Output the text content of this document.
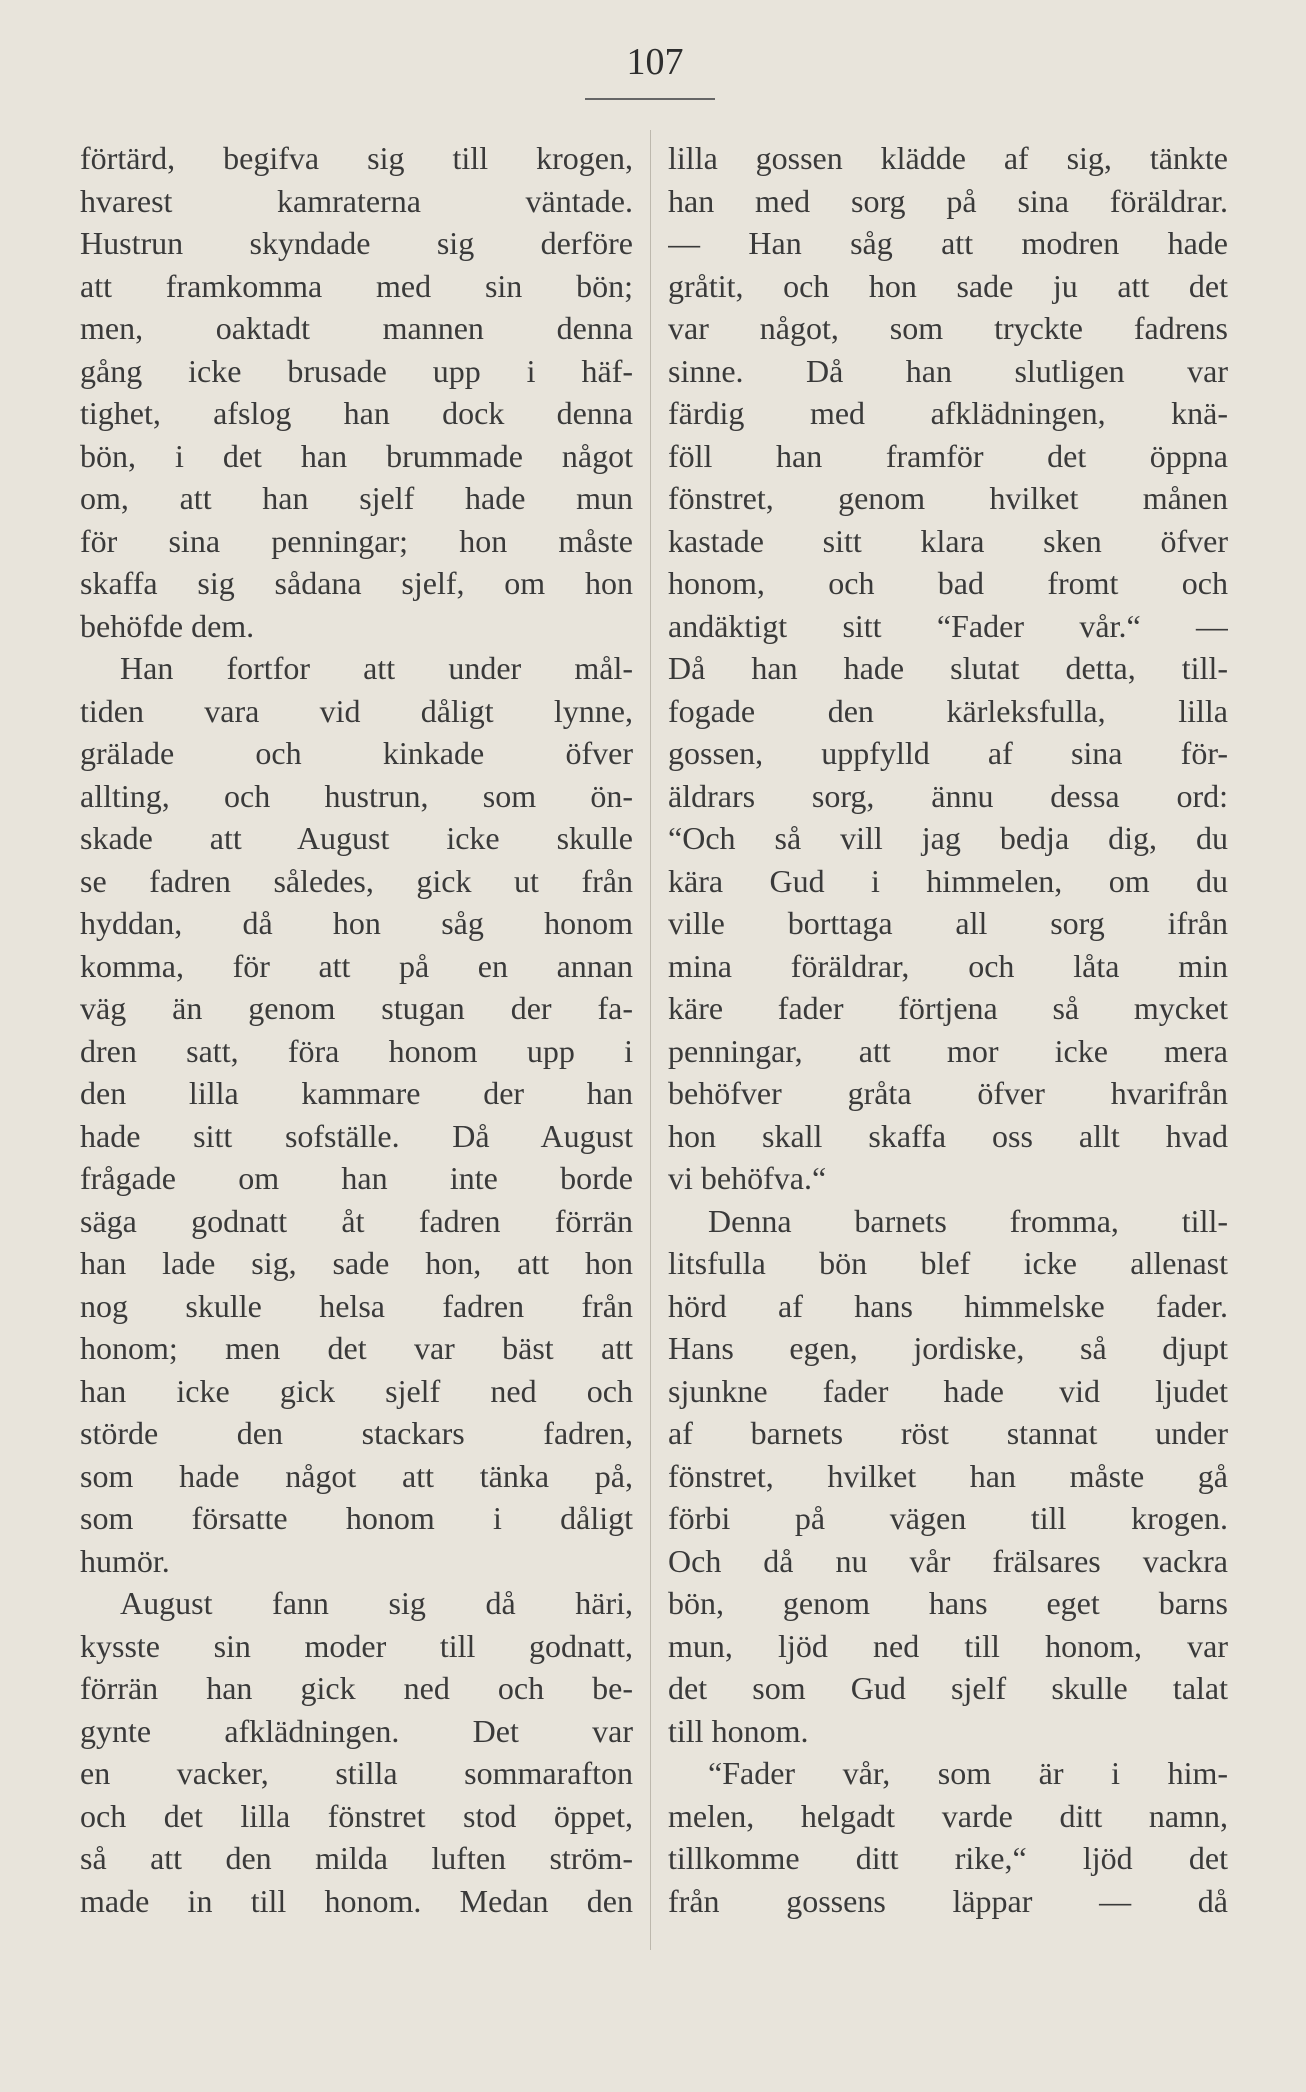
107
förtärd, begifva sig till krogen,
hvarest kamraterna väntade.
Hustrun skyndade sig derföre
att framkomma med sin bön;
men, oaktadt mannen denna
gång icke brusade upp i häf-
tighet, afslog han dock denna
bön, i det han brummade något
om, att han sjelf hade mun
för sina penningar; hon måste
skaffa sig sådana sjelf, om hon
behöfde dem.
Han fortfor att under mål-
tiden vara vid dåligt lynne,
grälade och kinkade öfver
allting, och hustrun, som ön-
skade att August icke skulle
se fadren således, gick ut från
hyddan, då hon såg honom
komma, för att på en annan
väg än genom stugan der fa-
dren satt, föra honom upp i
den lilla kammare der han
hade sitt sofställe. Då August
frågade om han inte borde
säga godnatt åt fadren förrän
han lade sig, sade hon, att hon
nog skulle helsa fadren från
honom; men det var bäst att
han icke gick sjelf ned och
störde den stackars fadren,
som hade något att tänka på,
som försatte honom i dåligt
humör.
August fann sig då häri,
kysste sin moder till godnatt,
förrän han gick ned och be-
gynte afklädningen. Det var
en vacker, stilla sommarafton
och det lilla fönstret stod öppet,
så att den milda luften ström-
made in till honom. Medan den
lilla gossen klädde af sig, tänkte
han med sorg på sina föräldrar.
— Han såg att modren hade
gråtit, och hon sade ju att det
var något, som tryckte fadrens
sinne. Då han slutligen var
färdig med afklädningen, knä-
föll han framför det öppna
fönstret, genom hvilket månen
kastade sitt klara sken öfver
honom, och bad fromt och
andäktigt sitt “Fader vår.“ —
Då han hade slutat detta, till-
fogade den kärleksfulla, lilla
gossen, uppfylld af sina för-
äldrars sorg, ännu dessa ord:
“Och så vill jag bedja dig, du
kära Gud i himmelen, om du
ville borttaga all sorg ifrån
mina föräldrar, och låta min
käre fader förtjena så mycket
penningar, att mor icke mera
behöfver gråta öfver hvarifrån
hon skall skaffa oss allt hvad
vi behöfva.“
Denna barnets fromma, till-
litsfulla bön blef icke allenast
hörd af hans himmelske fader.
Hans egen, jordiske, så djupt
sjunkne fader hade vid ljudet
af barnets röst stannat under
fönstret, hvilket han måste gå
förbi på vägen till krogen.
Och då nu vår frälsares vackra
bön, genom hans eget barns
mun, ljöd ned till honom, var
det som Gud sjelf skulle talat
till honom.
“Fader vår, som är i him-
melen, helgadt varde ditt namn,
tillkomme ditt rike,“ ljöd det
från gossens läppar — då
